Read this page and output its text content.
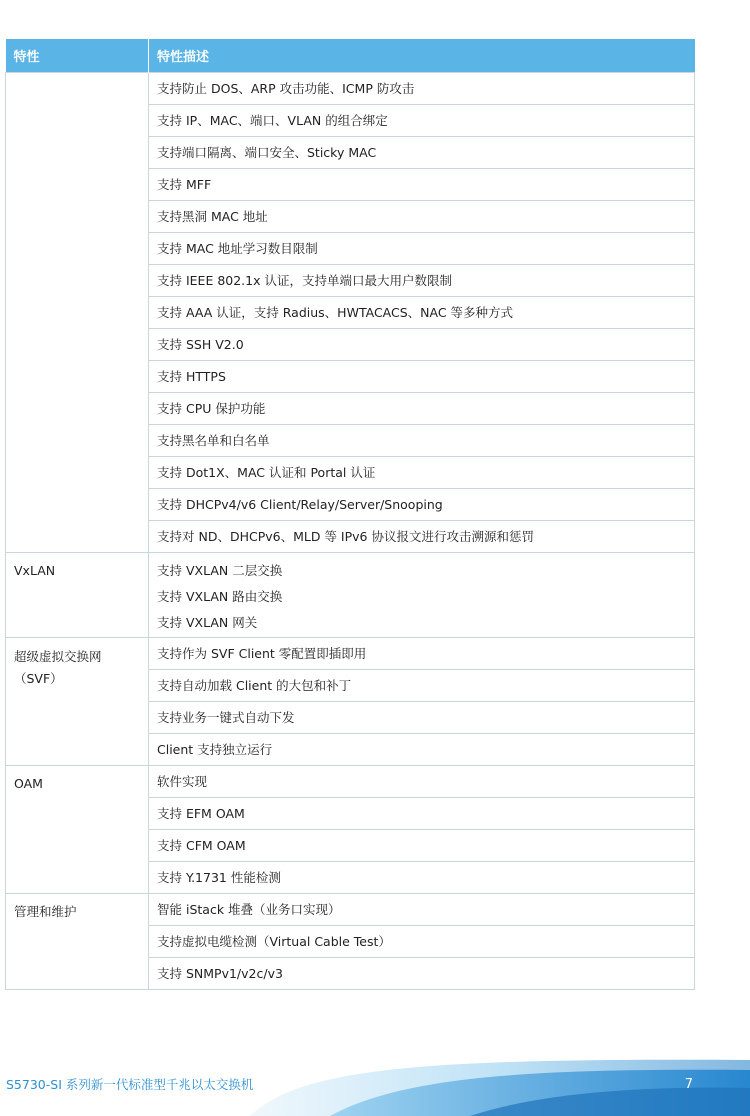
特性	特性描述
	支持防止 DOS、ARP 攻击功能、ICMP 防攻击
	支持 IP、MAC、端口、VLAN 的组合绑定
	支持端口隔离、端口安全、Sticky MAC
	支持 MFF
	支持黑洞 MAC 地址
	支持 MAC 地址学习数目限制
	支持 IEEE 802.1x 认证，支持单端口最大用户数限制
	支持 AAA 认证，支持 Radius、HWTACACS、NAC 等多种方式
	支持 SSH V2.0
	支持 HTTPS
	支持 CPU 保护功能
	支持黑名单和白名单
	支持 Dot1X、MAC 认证和 Portal 认证
	支持 DHCPv4/v6 Client/Relay/Server/Snooping
	支持对 ND、DHCPv6、MLD 等 IPv6 协议报文进行攻击溯源和惩罚
VxLAN	支持 VXLAN 二层交换
支持 VXLAN 路由交换
支持 VXLAN 网关

超级虚拟交换网
（SVF）	支持作为 SVF Client 零配置即插即用
	支持自动加载 Client 的大包和补丁
	支持业务一键式自动下发
	Client 支持独立运行
OAM	软件实现
	支持 EFM OAM
	支持 CFM OAM
	支持 Y.1731 性能检测
管理和维护	智能 iStack 堆叠（业务口实现）
	支持虚拟电缆检测（Virtual Cable Test）
	支持 SNMPv1/v2c/v3
S5730-SI 系列新一代标准型千兆以太交换机	7
